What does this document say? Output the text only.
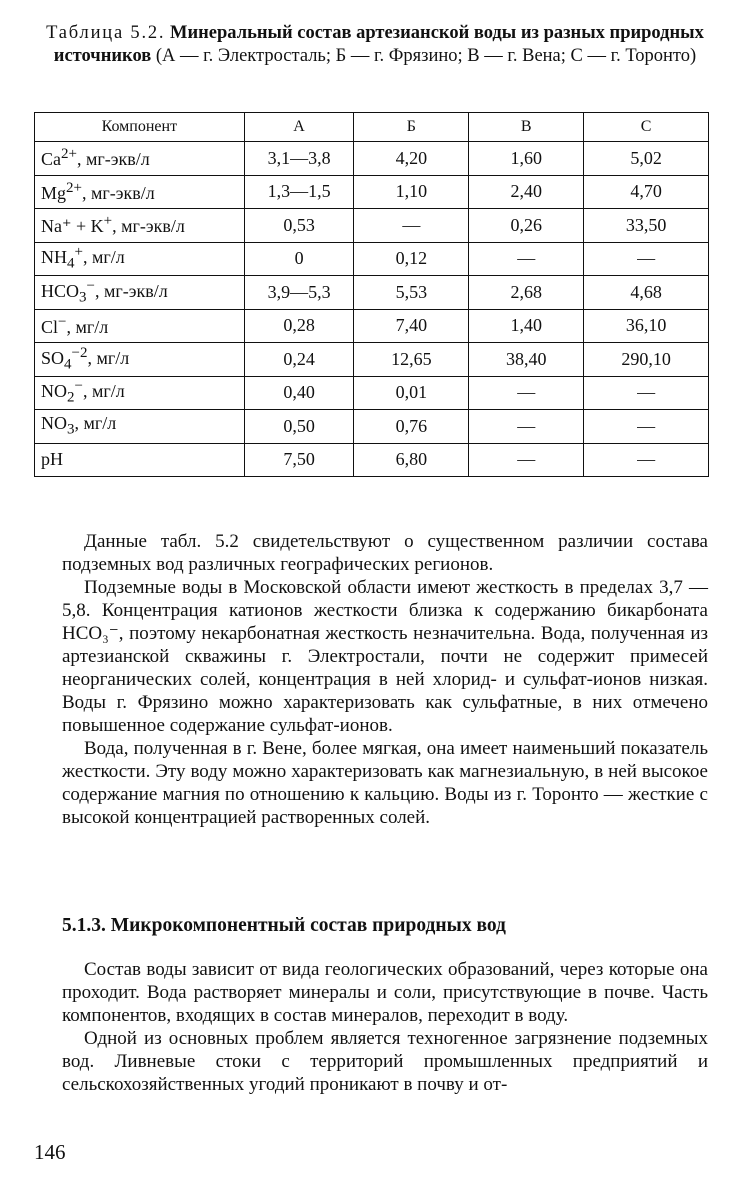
Таблица 5.2. Минеральный состав артезианской воды из разных природных источников (А — г. Электросталь; Б — г. Фрязино; В — г. Вена; С — г. Торонто)
Компонент	А	Б	В	С
$Ca^{2+}$, мг-экв/л	3,1—3,8	4,20	1,60	5,02
$Mg^{2+}$, мг-экв/л	1,3—1,5	1,10	2,40	4,70
Na⁺ + K+, мг-экв/л	0,53	—	0,26	33,50
$NH_4^+$, мг/л	0	0,12	—	—
$HCO_3^-$, мг-экв/л	3,9—5,3	5,53	2,68	4,68
Cl−, мг/л	0,28	7,40	1,40	36,10
$SO_4^{-2}$, мг/л	0,24	12,65	38,40	290,10
$NO_2^-$, мг/л	0,40	0,01	—	—
$NO_3$, мг/л	0,50	0,76	—	—
pH	7,50	6,80	—	—

Данные табл. 5.2 свидетельствуют о существенном различии состава подземных вод различных географических регионов.

Подземные воды в Московской области имеют жесткость в пределах 3,7 — 5,8. Концентрация катионов жесткости близка к содержанию бикарбоната HCO₃⁻, поэтому некарбонатная жесткость незначительна. Вода, полученная из артезианской скважины г. Электростали, почти не содержит примесей неорганических солей, концентрация в ней хлорид- и сульфат-ионов низкая. Воды г. Фрязино можно характеризовать как сульфатные, в них отмечено повышенное содержание сульфат-ионов.

Вода, полученная в г. Вене, более мягкая, она имеет наименьший показатель жесткости. Эту воду можно характеризовать как магнезиальную, в ней высокое содержание магния по отношению к кальцию. Воды из г. Торонто — жесткие с высокой концентрацией растворенных солей.

5.1.3. Микрокомпонентный состав природных вод

Состав воды зависит от вида геологических образований, через которые она проходит. Вода растворяет минералы и соли, присутствующие в почве. Часть компонентов, входящих в состав минералов, переходит в воду.

Одной из основных проблем является техногенное загрязнение подземных вод. Ливневые стоки с территорий промышленных предприятий и сельскохозяйственных угодий проникают в почву и от-

146
